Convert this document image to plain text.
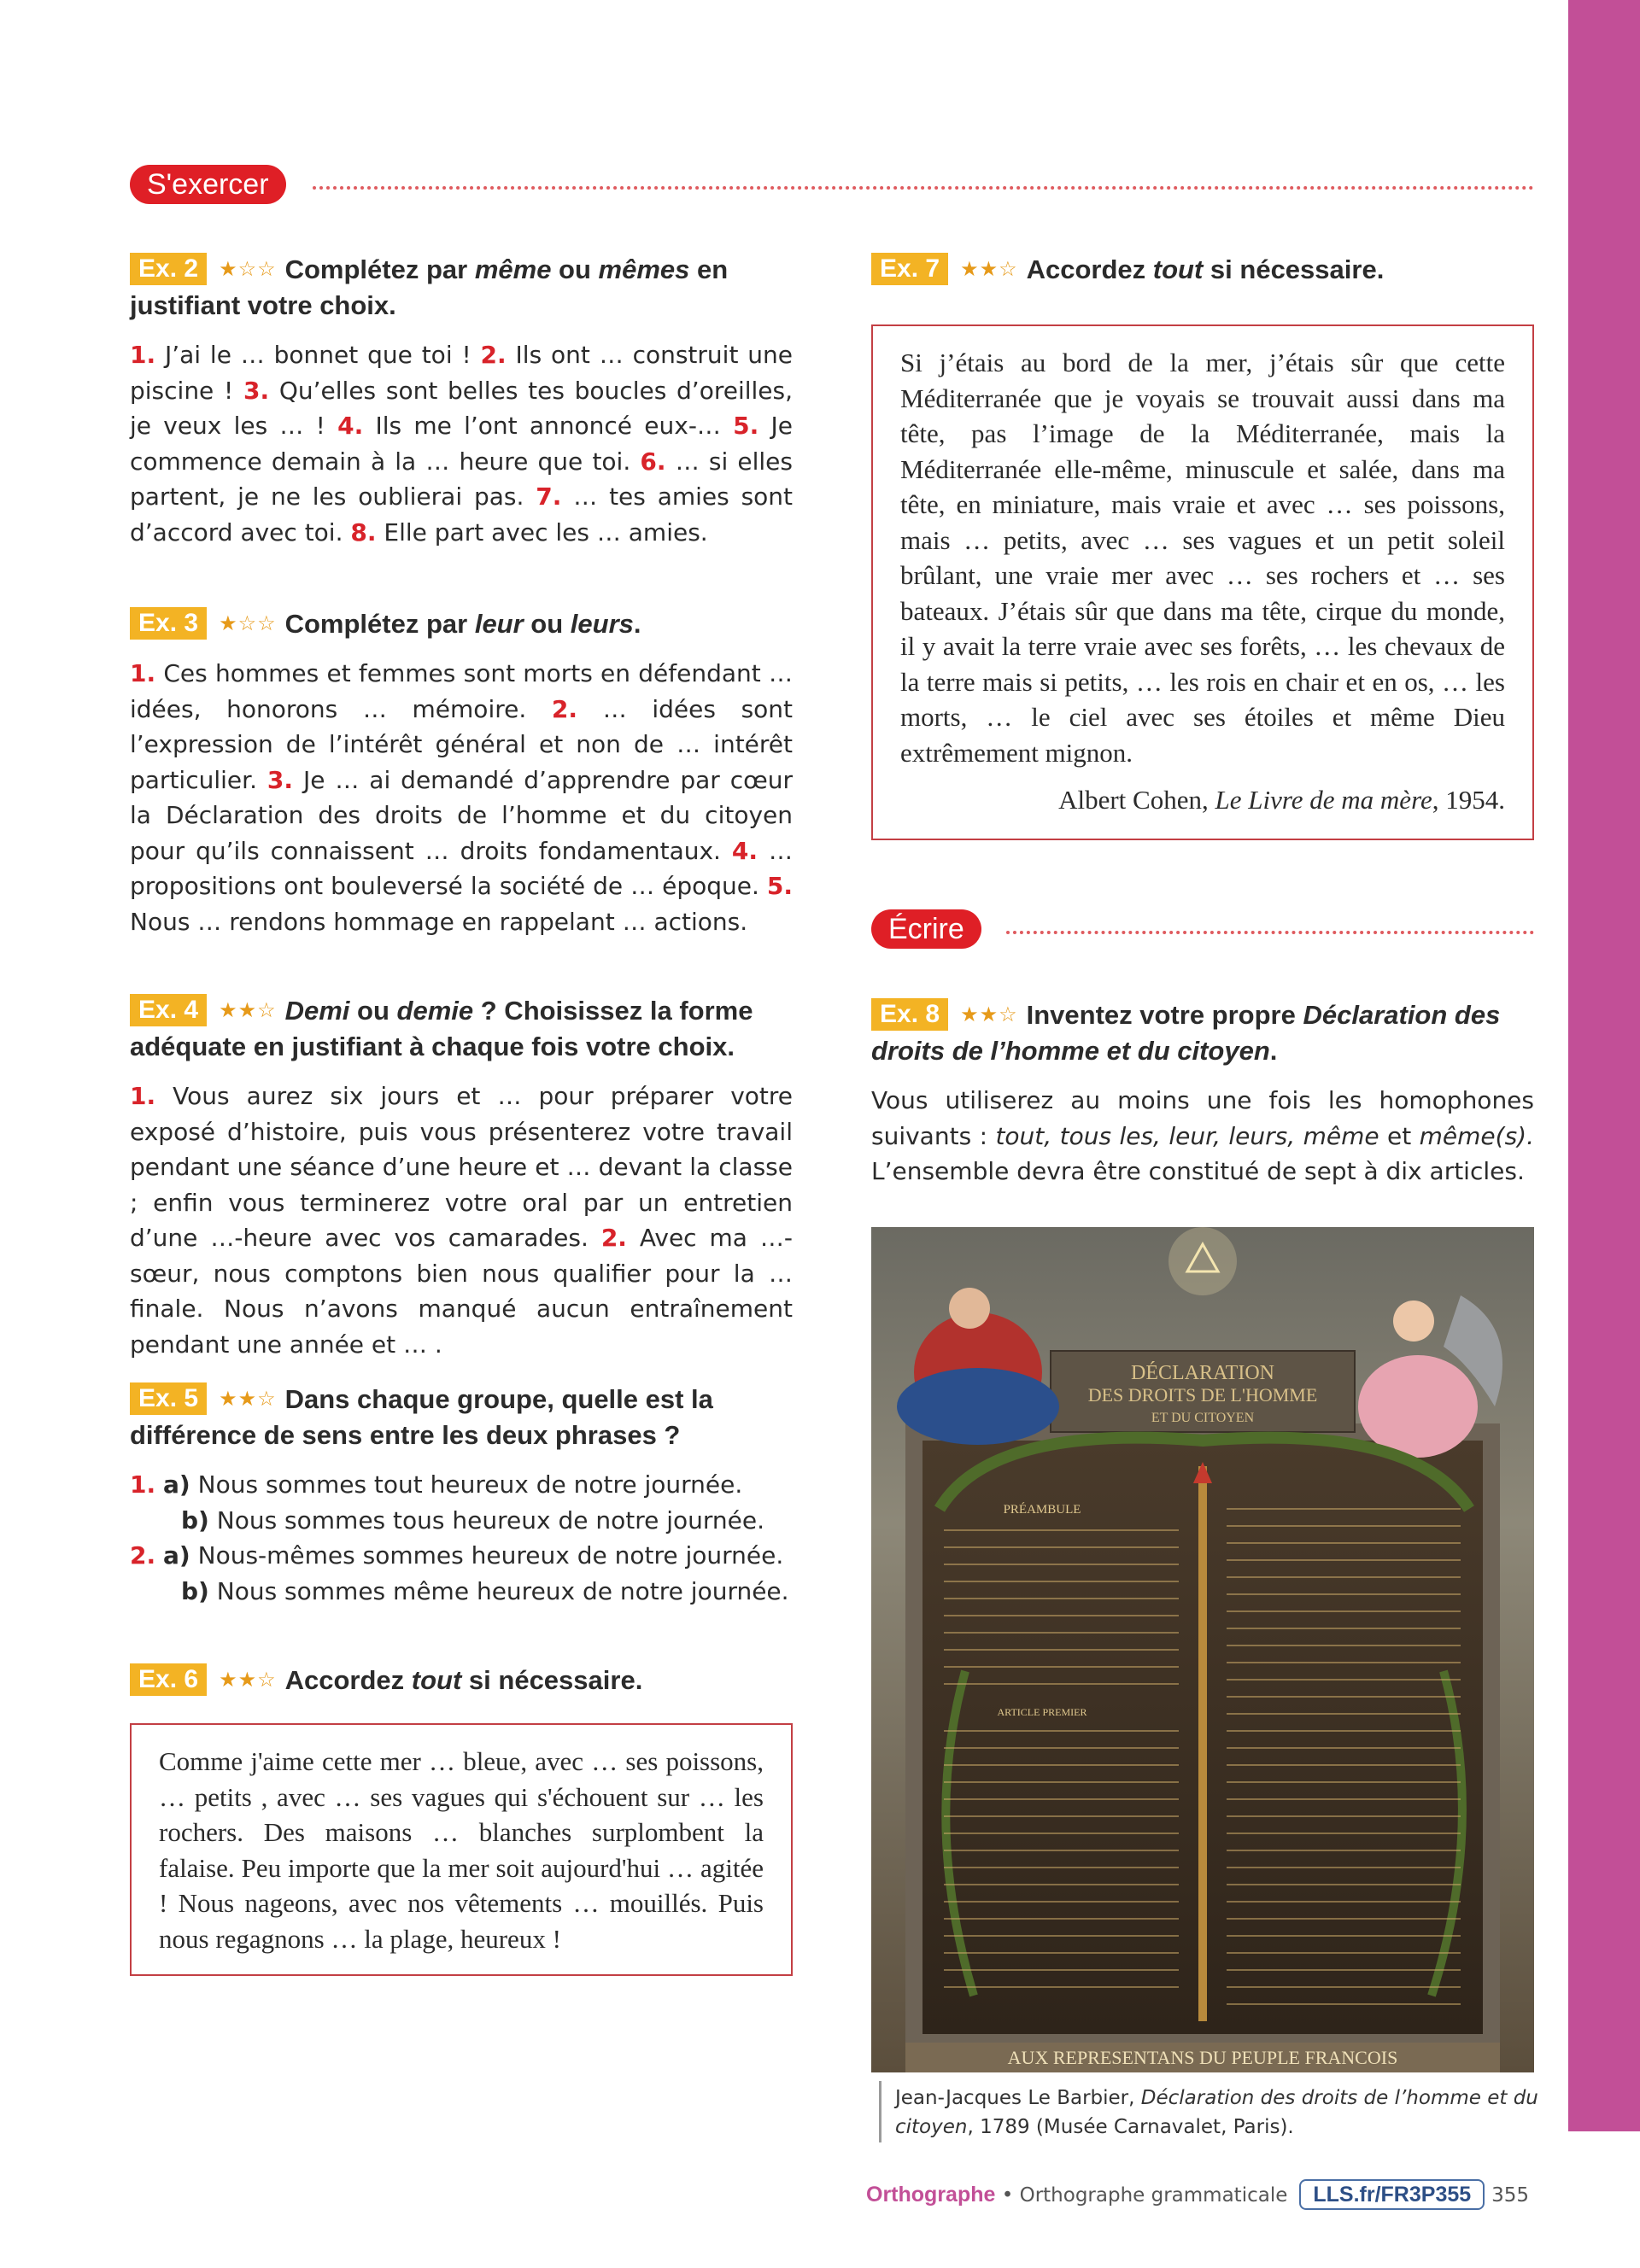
S'exercer
Ex. 2 ★☆☆ Complétez par même ou mêmes en justifiant votre choix.
1. J’ai le … bonnet que toi ! 2. Ils ont … construit une piscine ! 3. Qu’elles sont belles tes boucles d’oreilles, je veux les … ! 4. Ils me l’ont annoncé eux-… 5. Je commence demain à la … heure que toi. 6. … si elles partent, je ne les oublierai pas. 7. … tes amies sont d’accord avec toi. 8. Elle part avec les … amies.
Ex. 3 ★☆☆ Complétez par leur ou leurs.
1. Ces hommes et femmes sont morts en défendant … idées, honorons … mémoire. 2. … idées sont l’expression de l’intérêt général et non de … intérêt particulier. 3. Je … ai demandé d’apprendre par cœur la Déclaration des droits de l’homme et du citoyen pour qu’ils connaissent … droits fondamentaux. 4. … propositions ont bouleversé la société de … époque. 5. Nous … rendons hommage en rappelant … actions.
Ex. 4 ★★☆ Demi ou demie ? Choisissez la forme adéquate en justifiant à chaque fois votre choix.
1. Vous aurez six jours et … pour préparer votre exposé d’histoire, puis vous présenterez votre travail pendant une séance d’une heure et … devant la classe ; enfin vous terminerez votre oral par un entretien d’une …-heure avec vos camarades. 2. Avec ma …-sœur, nous comptons bien nous qualifier pour la … finale. Nous n’avons manqué aucun entraînement pendant une année et … .
Ex. 5 ★★☆ Dans chaque groupe, quelle est la différence de sens entre les deux phrases ?
1. a) Nous sommes tout heureux de notre journée.
b) Nous sommes tous heureux de notre journée.
2. a) Nous-mêmes sommes heureux de notre journée.
b) Nous sommes même heureux de notre journée.
Ex. 6 ★★☆ Accordez tout si nécessaire.
Comme j'aime cette mer … bleue, avec … ses poissons, … petits , avec … ses vagues qui s'échouent sur … les rochers. Des maisons … blanches surplombent la falaise. Peu importe que la mer soit aujourd'hui … agitée ! Nous nageons, avec nos vêtements … mouillés. Puis nous regagnons … la plage, heureux !
Ex. 7 ★★☆ Accordez tout si nécessaire.
Si j’étais au bord de la mer, j’étais sûr que cette Méditerranée que je voyais se trouvait aussi dans ma tête, pas l’image de la Méditerranée, mais la Méditerranée elle-même, minuscule et salée, dans ma tête, en miniature, mais vraie et avec … ses poissons, mais … petits, avec … ses vagues et un petit soleil brûlant, une vraie mer avec … ses rochers et … ses bateaux. J’étais sûr que dans ma tête, cirque du monde, il y avait la terre vraie avec ses forêts, … les chevaux de la terre mais si petits, … les rois en chair et en os, … les morts, … le ciel avec ses étoiles et même Dieu extrêmement mignon.
Albert Cohen, Le Livre de ma mère, 1954.
Écrire
Ex. 8 ★★☆ Inventez votre propre Déclaration des droits de l’homme et du citoyen.
Vous utiliserez au moins une fois les homophones suivants : tout, tous les, leur, leurs, même et même(s). L’ensemble devra être constitué de sept à dix articles.
DÉCLARATION
DES DROITS DE L'HOMME
ET DU CITOYEN
PRÉAMBULE
ARTICLE PREMIER
AUX REPRESENTANS DU PEUPLE FRANCOIS
Jean-Jacques Le Barbier, Déclaration des droits de l’homme et du citoyen, 1789 (Musée Carnavalet, Paris).
Orthographe • Orthographe grammaticale LLS.fr/FR3P355 355
